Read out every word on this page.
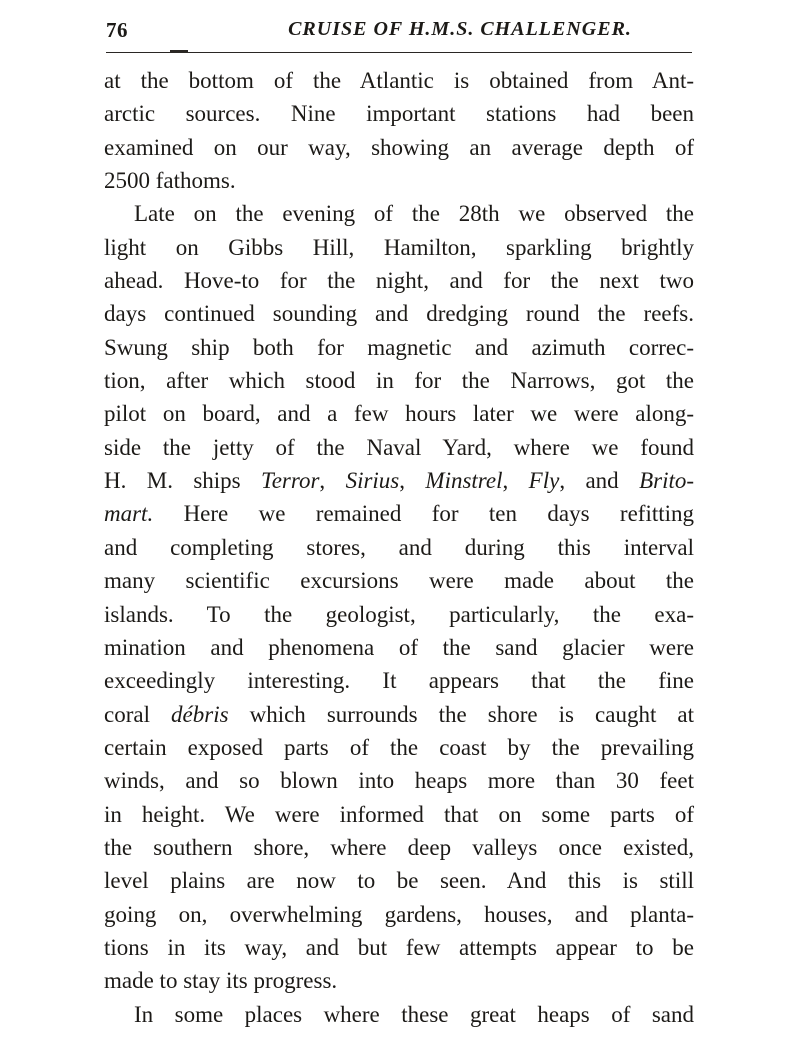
76	CRUISE OF H.M.S. CHALLENGER.
at the bottom of the Atlantic is obtained from Ant-
arctic sources. Nine important stations had been
examined on our way, showing an average depth of
2500 fathoms.
Late on the evening of the 28th we observed the
light on Gibbs Hill, Hamilton, sparkling brightly
ahead. Hove-to for the night, and for the next two
days continued sounding and dredging round the reefs.
Swung ship both for magnetic and azimuth correc-
tion, after which stood in for the Narrows, got the
pilot on board, and a few hours later we were along-
side the jetty of the Naval Yard, where we found
H. M. ships Terror, Sirius, Minstrel, Fly, and Brito-
mart. Here we remained for ten days refitting
and completing stores, and during this interval
many scientific excursions were made about the
islands. To the geologist, particularly, the exa-
mination and phenomena of the sand glacier were
exceedingly interesting. It appears that the fine
coral débris which surrounds the shore is caught at
certain exposed parts of the coast by the prevailing
winds, and so blown into heaps more than 30 feet
in height. We were informed that on some parts of
the southern shore, where deep valleys once existed,
level plains are now to be seen. And this is still
going on, overwhelming gardens, houses, and planta-
tions in its way, and but few attempts appear to be
made to stay its progress.
In some places where these great heaps of sand
